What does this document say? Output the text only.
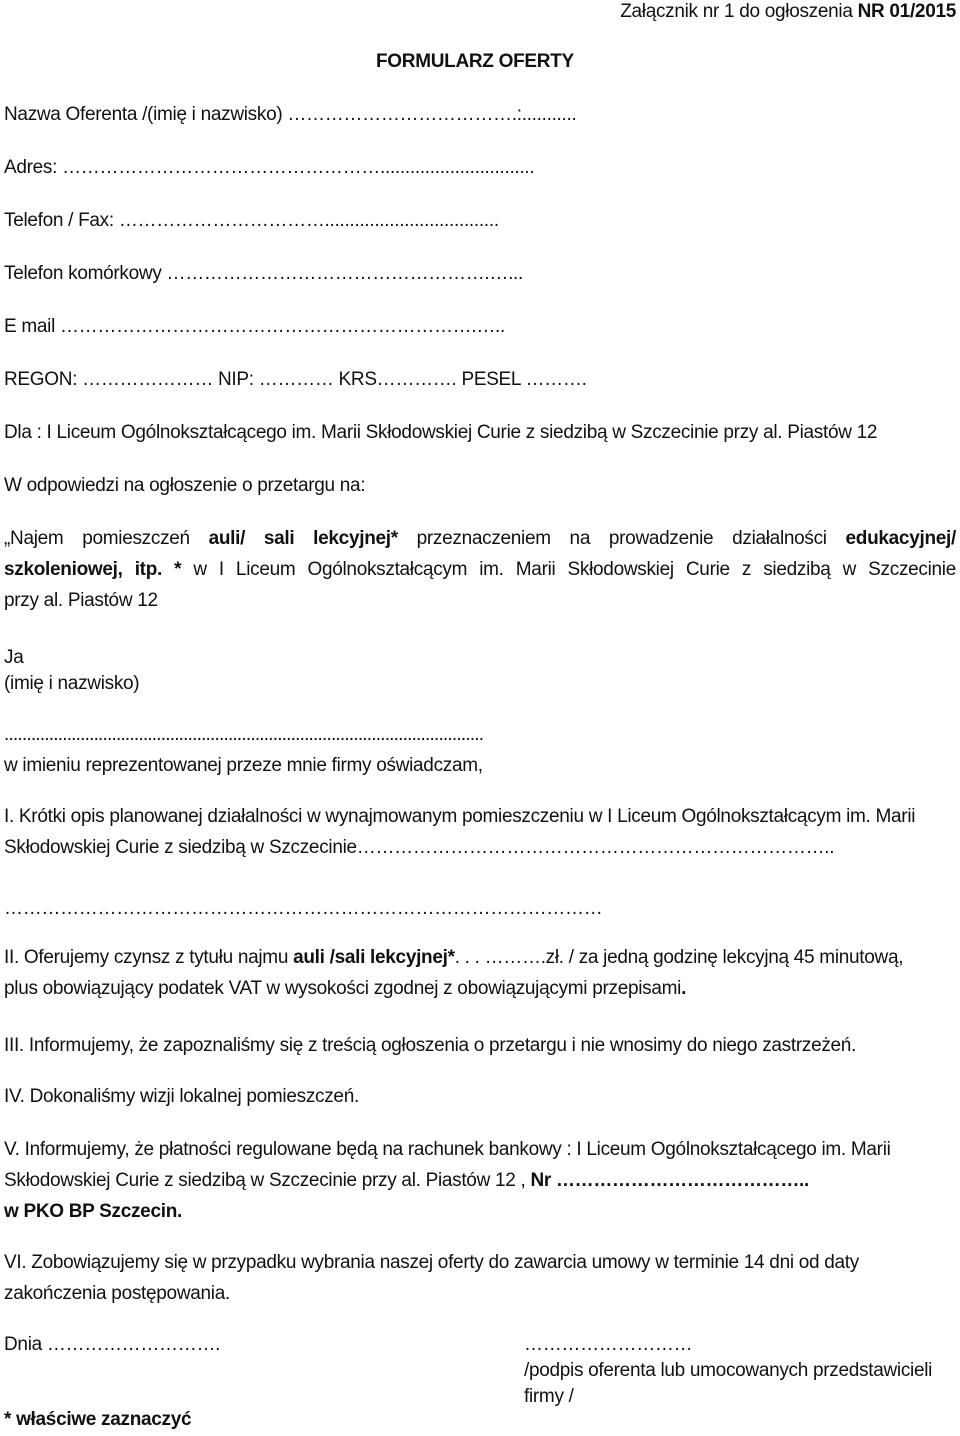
Załącznik nr 1 do ogłoszenia NR 01/2015

FORMULARZ OFERTY

Nazwa Oferenta /(imię i nazwisko) ……………………………….:...........

Adres: ……………………………………………...............................

Telefon / Fax: ……………………………...................................

Telefon komórkowy …………………………………………….…...

E mail ………………………………………………………….…..

REGON: ………………… NIP: ………… KRS…………. PESEL ……….

Dla : I Liceum Ogólnokształcącego im. Marii Skłodowskiej Curie z siedzibą w Szczecinie przy al. Piastów 12

W odpowiedzi na ogłoszenie o przetargu na:

„Najem pomieszczeń auli/ sali lekcyjnej* przeznaczeniem na prowadzenie działalności edukacyjnej/

szkoleniowej, itp. * w I Liceum Ogólnokształcącym im. Marii Skłodowskiej Curie z siedzibą w Szczecinie

przy al. Piastów 12

Ja

(imię i nazwisko)

...........................................................................................................

w imieniu reprezentowanej przeze mnie firmy oświadczam,

I. Krótki opis planowanej działalności w wynajmowanym pomieszczeniu w I Liceum Ogólnokształcącym im. Marii

Skłodowskiej Curie z siedzibą w Szczecinie…………………………………………………………………..

……………………………………………………………………………………

II. Oferujemy czynsz z tytułu najmu auli /sali lekcyjnej*. . . ……….zł. / za jedną godzinę lekcyjną 45 minutową,

plus obowiązujący podatek VAT w wysokości zgodnej z obowiązującymi przepisami.

III. Informujemy, że zapoznaliśmy się z treścią ogłoszenia o przetargu i nie wnosimy do niego zastrzeżeń.

IV. Dokonaliśmy wizji lokalnej pomieszczeń.

V. Informujemy, że płatności regulowane będą na rachunek bankowy : I Liceum Ogólnokształcącego im. Marii

Skłodowskiej Curie z siedzibą w Szczecinie przy al. Piastów 12 , Nr …………………………………..

w PKO BP Szczecin.

VI. Zobowiązujemy się w przypadku wybrania naszej oferty do zawarcia umowy w terminie 14 dni od daty

zakończenia postępowania.

Dnia ……………………….	………………………

/podpis oferenta lub umocowanych przedstawicieli

firmy /

* właściwe zaznaczyć
